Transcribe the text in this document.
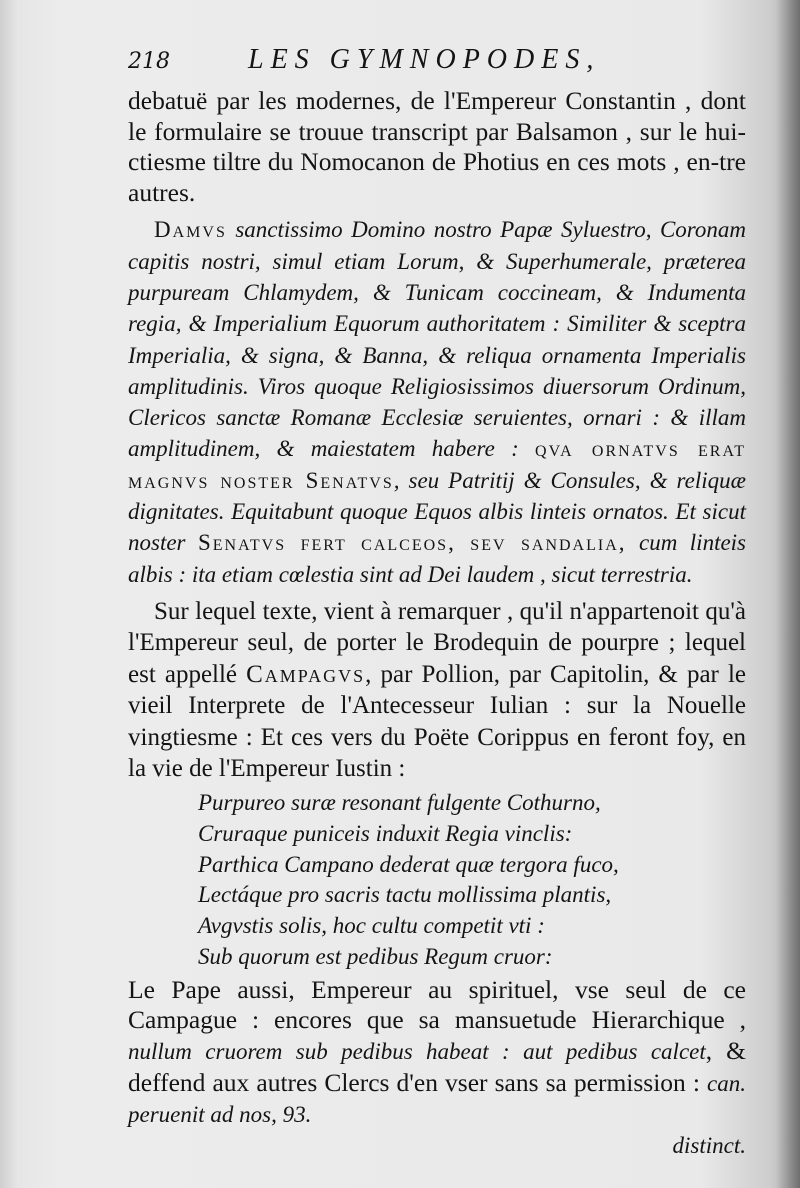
218	LES GYMNOPODES,

debatuë par les modernes, de l'Empereur Constantin , dont le formulaire se trouue transcript par Balsamon , sur le hui-ctiesme tiltre du Nomocanon de Photius en ces mots , en-tre autres.

Damvs sanctissimo Domino nostro Papæ Syluestro, Coronam capitis nostri, simul etiam Lorum, & Superhumerale, præterea purpuream Chlamydem, & Tunicam coccineam, & Indumenta regia, & Imperialium Equorum authoritatem : Similiter & sceptra Imperialia, & signa, & Banna, & reliqua ornamenta Imperialis amplitudinis. Viros quoque Religiosissimos diuersorum Ordinum, Clericos sanctæ Romanæ Ecclesiæ seruientes, ornari : & illam amplitudinem, & maiestatem habere : qva ornatvs erat magnvs noster Senatvs, seu Patritij & Consules, & reliquæ dignitates. Equitabunt quoque Equos albis linteis ornatos. Et sicut noster Senatvs fert calceos, sev sandalia, cum linteis albis : ita etiam cœlestia sint ad Dei laudem , sicut terrestria.

Sur lequel texte, vient à remarquer , qu'il n'appartenoit qu'à l'Empereur seul, de porter le Brodequin de pourpre ; lequel est appellé Campagvs, par Pollion, par Capitolin, & par le vieil Interprete de l'Antecesseur Iulian : sur la Nouelle vingtiesme : Et ces vers du Poëte Corippus en feront foy, en la vie de l'Empereur Iustin :

Purpureo suræ resonant fulgente Cothurno,
Cruraque puniceis induxit Regia vinclis:
Parthica Campano dederat quæ tergora fuco,
Lectáque pro sacris tactu mollissima plantis,
Avgvstis solis, hoc cultu competit vti :
Sub quorum est pedibus Regum cruor:

Le Pape aussi, Empereur au spirituel, vse seul de ce Campague : encores que sa mansuetude Hierarchique , nullum cruorem sub pedibus habeat : aut pedibus calcet, & deffend aux autres Clercs d'en vser sans sa permission : can. peruenit ad nos, 93.
distinct.
